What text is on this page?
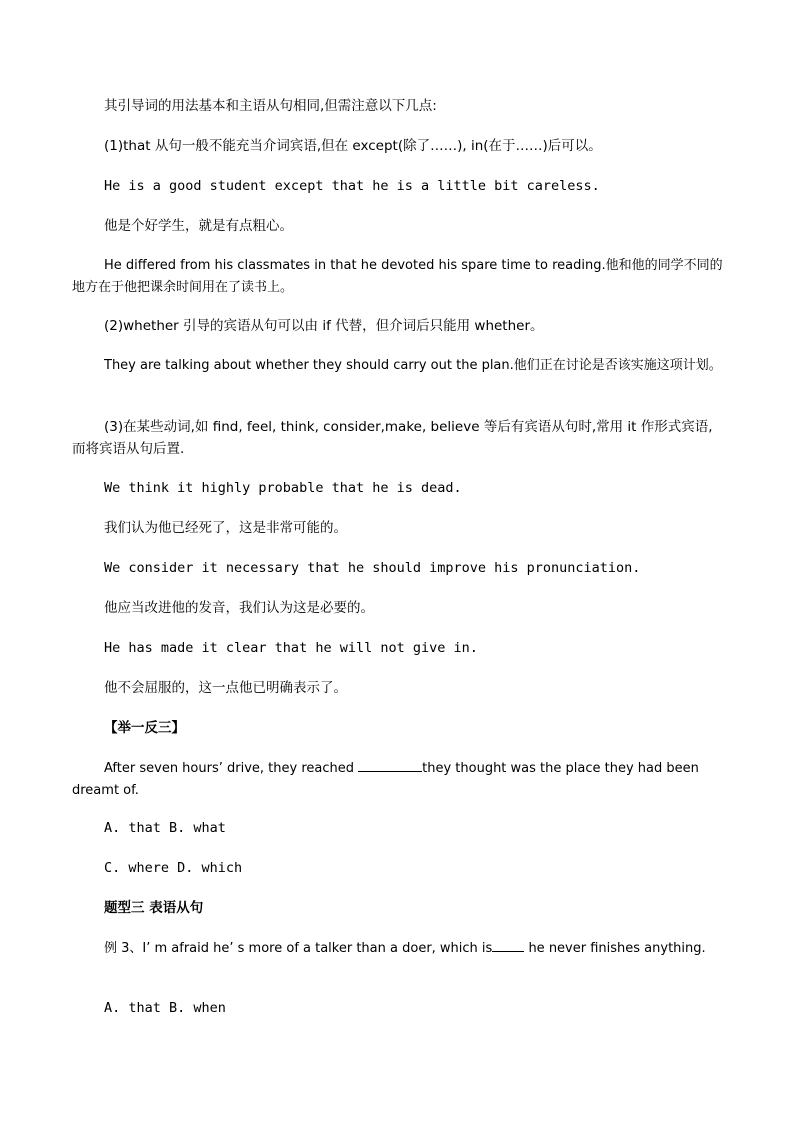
其引导词的用法基本和主语从句相同,但需注意以下几点:
(1)that 从句一般不能充当介词宾语,但在 except(除了……), in(在于……)后可以。
He is a good student except that he is a little bit careless.
他是个好学生，就是有点粗心。
He differed from his classmates in that he devoted his spare time to reading.他和他的同学不同的地方在于他把课余时间用在了读书上。
(2)whether 引导的宾语从句可以由 if 代替，但介词后只能用 whether。
They are talking about whether they should carry out the plan.他们正在讨论是否该实施这项计划。
(3)在某些动词,如 find, feel, think, consider,make, believe 等后有宾语从句时,常用 it 作形式宾语,而将宾语从句后置.
We think it highly probable that he is dead.
我们认为他已经死了，这是非常可能的。
We consider it necessary that he should improve his pronunciation.
他应当改进他的发音，我们认为这是必要的。
He has made it clear that he will not give in.
他不会屈服的，这一点他已明确表示了。
【举一反三】
After seven hours’ drive, they reached	they thought was the place they had been dreamt of.
A. that B. what
C. where D. which
题型三 表语从句
例 3、I’ m afraid he’ s more of a talker than a doer, which is he never finishes anything.
A. that B. when
